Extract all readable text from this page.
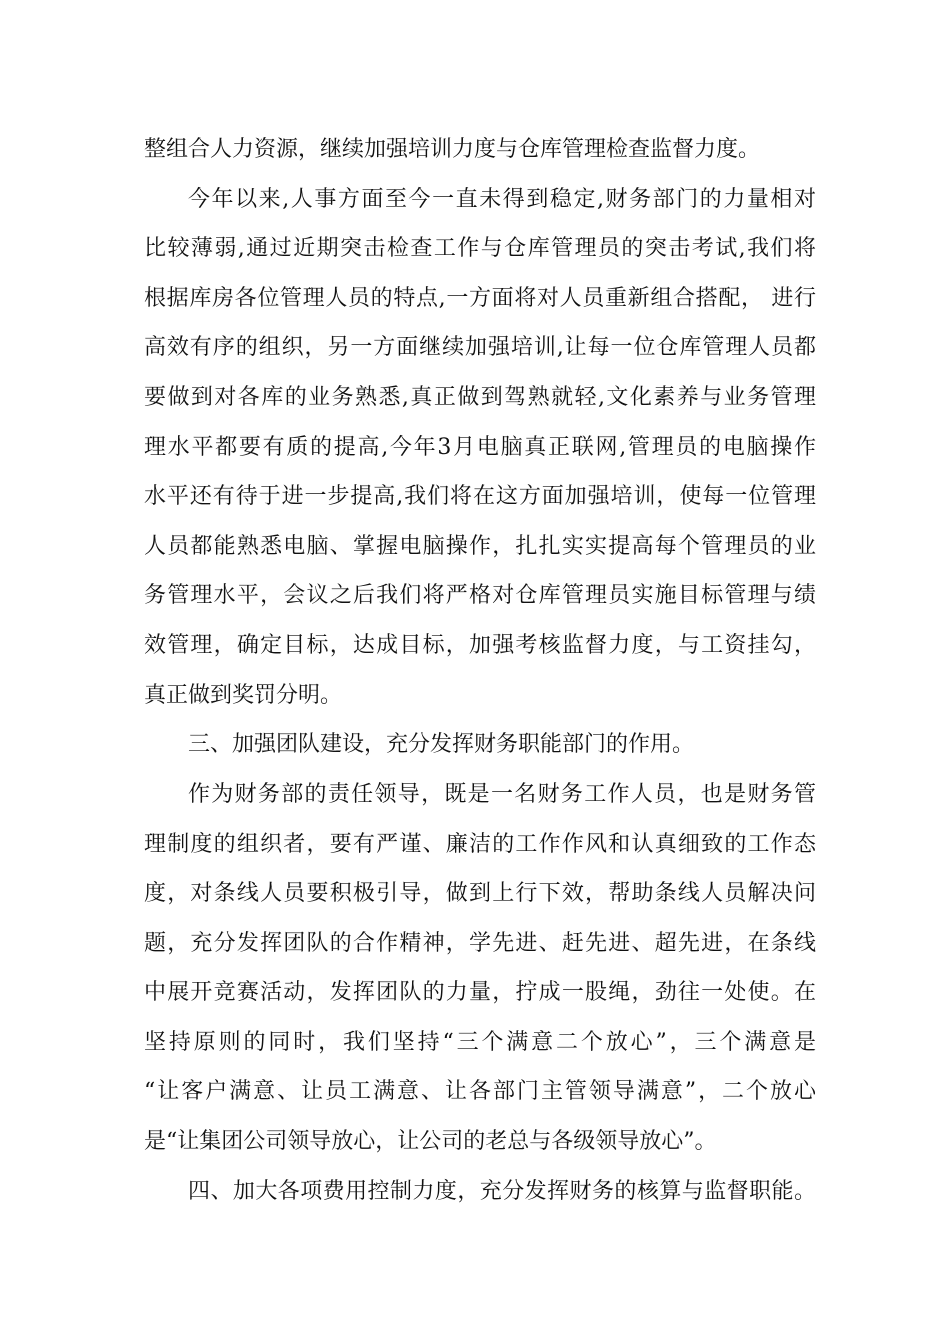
整组合人力资源，继续加强培训力度与仓库管理检查监督力度。
今年以来,人事方面至今一直未得到稳定,财务部门的力量相对
比较薄弱,通过近期突击检查工作与仓库管理员的突击考试,我们将
根据库房各位管理人员的特点,一方面将对人员重新组合搭配， 进行
高效有序的组织，另一方面继续加强培训,让每一位仓库管理人员都
要做到对各库的业务熟悉,真正做到驾熟就轻,文化素养与业务管理
理水平都要有质的提高,今年3月电脑真正联网,管理员的电脑操作
水平还有待于进一步提高,我们将在这方面加强培训，使每一位管理
人员都能熟悉电脑、掌握电脑操作，扎扎实实提高每个管理员的业
务管理水平，会议之后我们将严格对仓库管理员实施目标管理与绩
效管理，确定目标，达成目标，加强考核监督力度，与工资挂勾，
真正做到奖罚分明。
三、加强团队建设，充分发挥财务职能部门的作用。
作为财务部的责任领导，既是一名财务工作人员，也是财务管
理制度的组织者，要有严谨、廉洁的工作作风和认真细致的工作态
度，对条线人员要积极引导，做到上行下效，帮助条线人员解决问
题，充分发挥团队的合作精神，学先进、赶先进、超先进，在条线
中展开竞赛活动，发挥团队的力量，拧成一股绳，劲往一处使。在
坚持原则的同时，我们坚持“三个满意二个放心”，三个满意是
“让客户满意、让员工满意、让各部门主管领导满意”，二个放心
是“让集团公司领导放心，让公司的老总与各级领导放心”。
四、加大各项费用控制力度，充分发挥财务的核算与监督职能。
